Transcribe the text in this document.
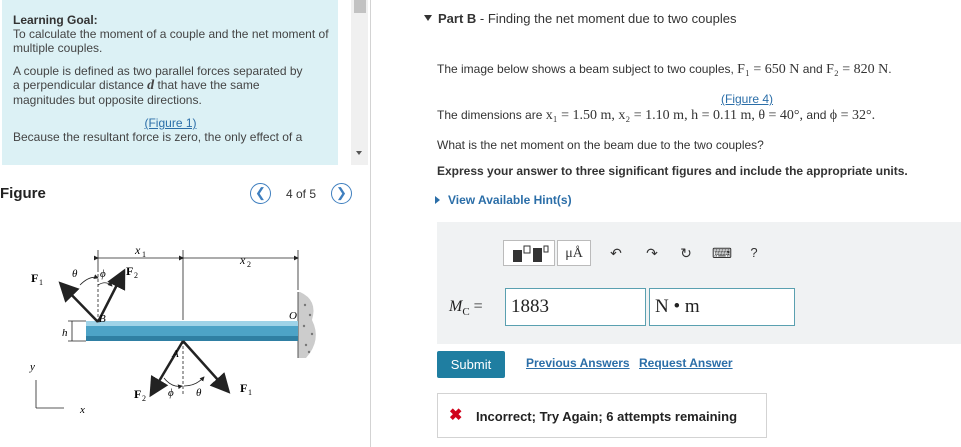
Learning Goal:

To calculate the moment of a couple and the net moment of multiple couples.

A couple is defined as two parallel forces separated by
a perpendicular distance d that have the same
magnitudes but opposite directions.

(Figure 1)
Because the resultant force is zero, the only effect of a
Figure	❮	4 of 5	❯
x 1	x 2
F 1
θ ϕ F 2
B	O
h
F 2
F 1
ϕ θ
A
y
x
Part B - Finding the net moment due to two couples
The image below shows a beam subject to two couples, F₁ = 650 N and F₂ = 820 N.
(Figure 4)
The dimensions are x₁ = 1.50 m, x₂ = 1.10 m, h = 0.11 m, θ = 40°, and ϕ = 32°.
What is the net moment on the beam due to the two couples?
Express your answer to three significant figures and include the appropriate units.
View Available Hint(s)
μÅ	↶	↷	↻	⌨	?
$M_C$ =	1883	N • m
Submit	Previous Answers Request Answer
✖ Incorrect; Try Again; 6 attempts remaining
